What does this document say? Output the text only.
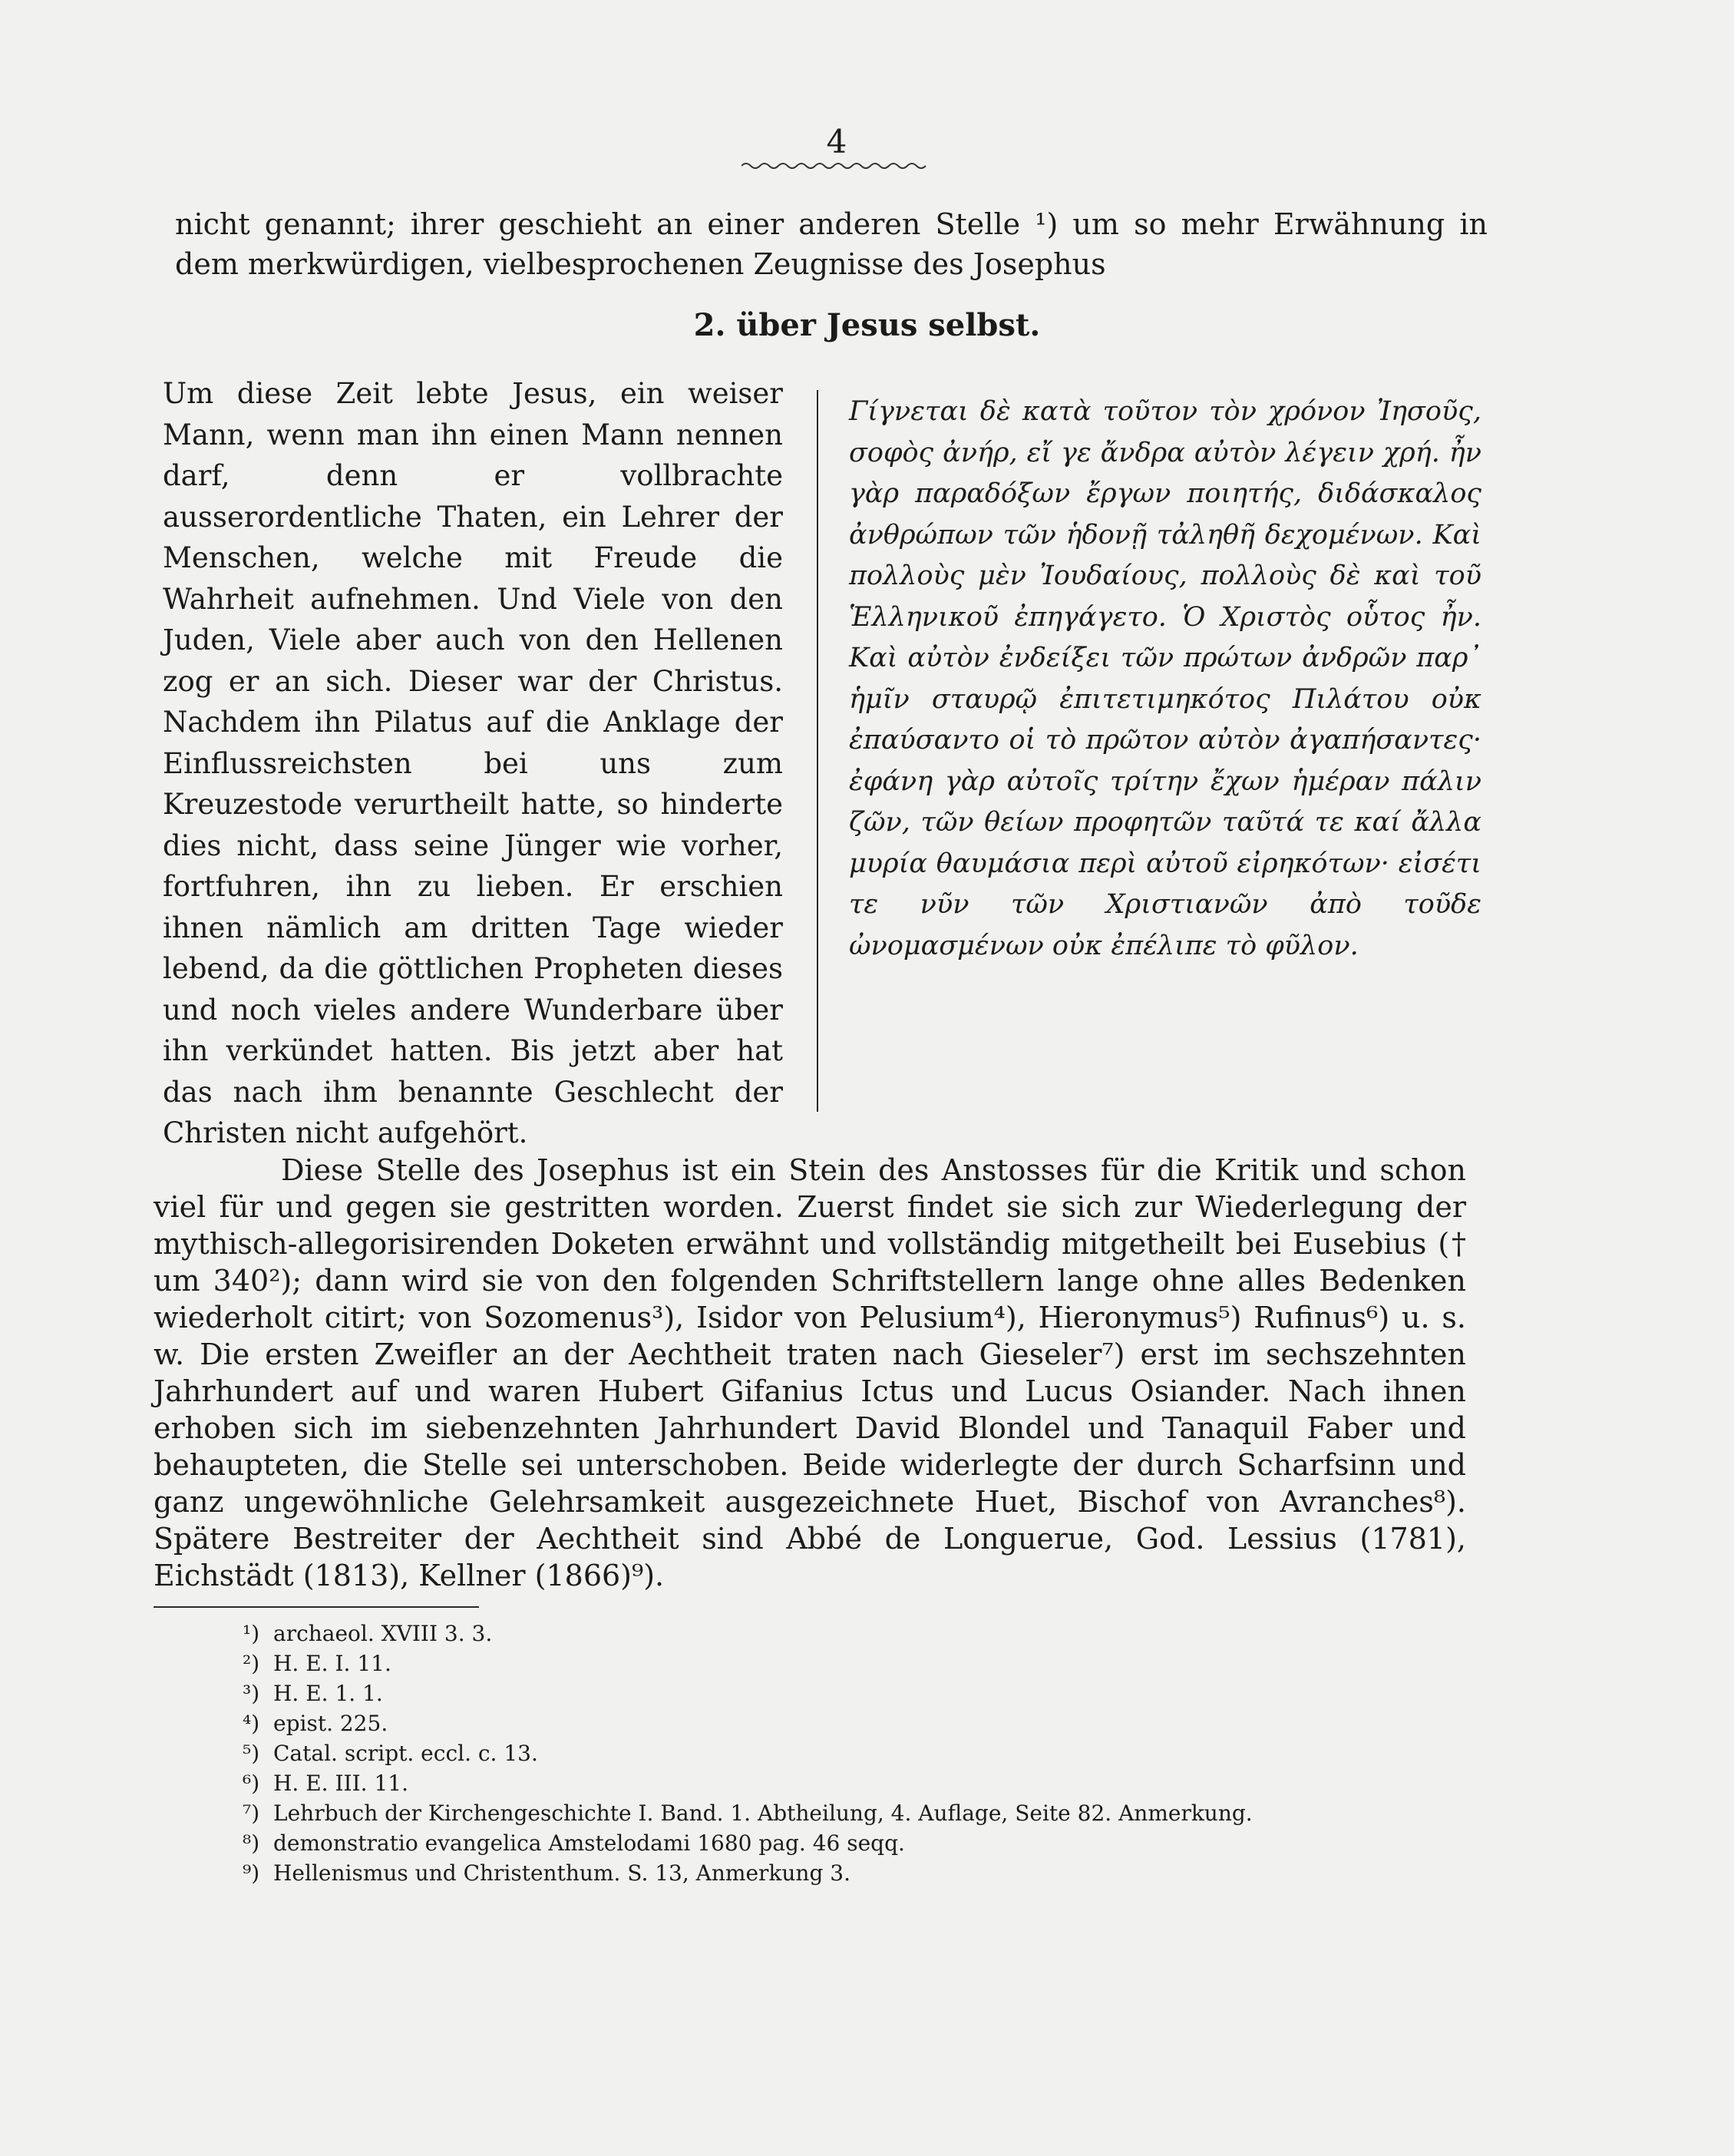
4

nicht genannt; ihrer geschieht an einer anderen Stelle ¹) um so mehr Erwähnung in dem merkwürdigen, vielbesprochenen Zeugnisse des Josephus

2. über Jesus selbst.

Um diese Zeit lebte Jesus, ein weiser Mann, wenn man ihn einen Mann nennen darf, denn er vollbrachte ausserordentliche Thaten, ein Lehrer der Menschen, welche mit Freude die Wahrheit aufnehmen. Und Viele von den Juden, Viele aber auch von den Hellenen zog er an sich. Dieser war der Christus. Nachdem ihn Pilatus auf die Anklage der Einflussreichsten bei uns zum Kreuzestode verurtheilt hatte, so hinderte dies nicht, dass seine Jünger wie vorher, fortfuhren, ihn zu lieben. Er erschien ihnen nämlich am dritten Tage wieder lebend, da die göttlichen Propheten dieses und noch vieles andere Wunderbare über ihn verkündet hatten. Bis jetzt aber hat das nach ihm benannte Geschlecht der Christen nicht aufgehört.

Γίγνεται δὲ κατὰ τοῦτον τὸν χρόνον Ἰησοῦς, σοφὸς ἀνήρ, εἴ γε ἄνδρα αὐτὸν λέγειν χρή. ἦν γὰρ παραδόξων ἔργων ποιητής, διδάσκαλος ἀνθρώπων τῶν ἡδονῇ τἀληθῆ δεχομένων. Καὶ πολλοὺς μὲν Ἰουδαίους, πολλοὺς δὲ καὶ τοῦ Ἑλληνικοῦ ἐπηγάγετο. Ὁ Χριστὸς οὗτος ἦν. Καὶ αὐτὸν ἐνδείξει τῶν πρώτων ἀνδρῶν παρ᾽ ἡμῖν σταυρῷ ἐπιτετιμηκότος Πιλάτου οὐκ ἐπαύσαντο οἱ τὸ πρῶτον αὐτὸν ἀγαπήσαντες· ἐφάνη γὰρ αὐτοῖς τρίτην ἔχων ἡμέραν πάλιν ζῶν, τῶν θείων προφητῶν ταῦτά τε καί ἄλλα μυρία θαυμάσια περὶ αὐτοῦ εἰρηκότων· εἰσέτι τε νῦν τῶν Χριστιανῶν ἀπὸ τοῦδε ὠνομασμένων οὐκ ἐπέλιπε τὸ φῦλον.

Diese Stelle des Josephus ist ein Stein des Anstosses für die Kritik und schon viel für und gegen sie gestritten worden. Zuerst findet sie sich zur Wiederlegung der mythisch-allegorisirenden Doketen erwähnt und vollständig mitgetheilt bei Eusebius († um 340²); dann wird sie von den folgenden Schriftstellern lange ohne alles Bedenken wiederholt citirt; von Sozomenus³), Isidor von Pelusium⁴), Hieronymus⁵) Rufinus⁶) u. s. w. Die ersten Zweifler an der Aechtheit traten nach Gieseler⁷) erst im sechszehnten Jahrhundert auf und waren Hubert Gifanius Ictus und Lucus Osiander. Nach ihnen erhoben sich im siebenzehnten Jahrhundert David Blondel und Tanaquil Faber und behaupteten, die Stelle sei unterschoben. Beide widerlegte der durch Scharfsinn und ganz ungewöhnliche Gelehrsamkeit ausgezeichnete Huet, Bischof von Avranches⁸). Spätere Bestreiter der Aechtheit sind Abbé de Longuerue, God. Lessius (1781), Eichstädt (1813), Kellner (1866)⁹).

¹) archaeol. XVIII 3. 3.
²) H. E. I. 11.
³) H. E. 1. 1.
⁴) epist. 225.
⁵) Catal. script. eccl. c. 13.
⁶) H. E. III. 11.
⁷) Lehrbuch der Kirchengeschichte I. Band. 1. Abtheilung, 4. Auflage, Seite 82. Anmerkung.
⁸) demonstratio evangelica Amstelodami 1680 pag. 46 seqq.
⁹) Hellenismus und Christenthum. S. 13, Anmerkung 3.
